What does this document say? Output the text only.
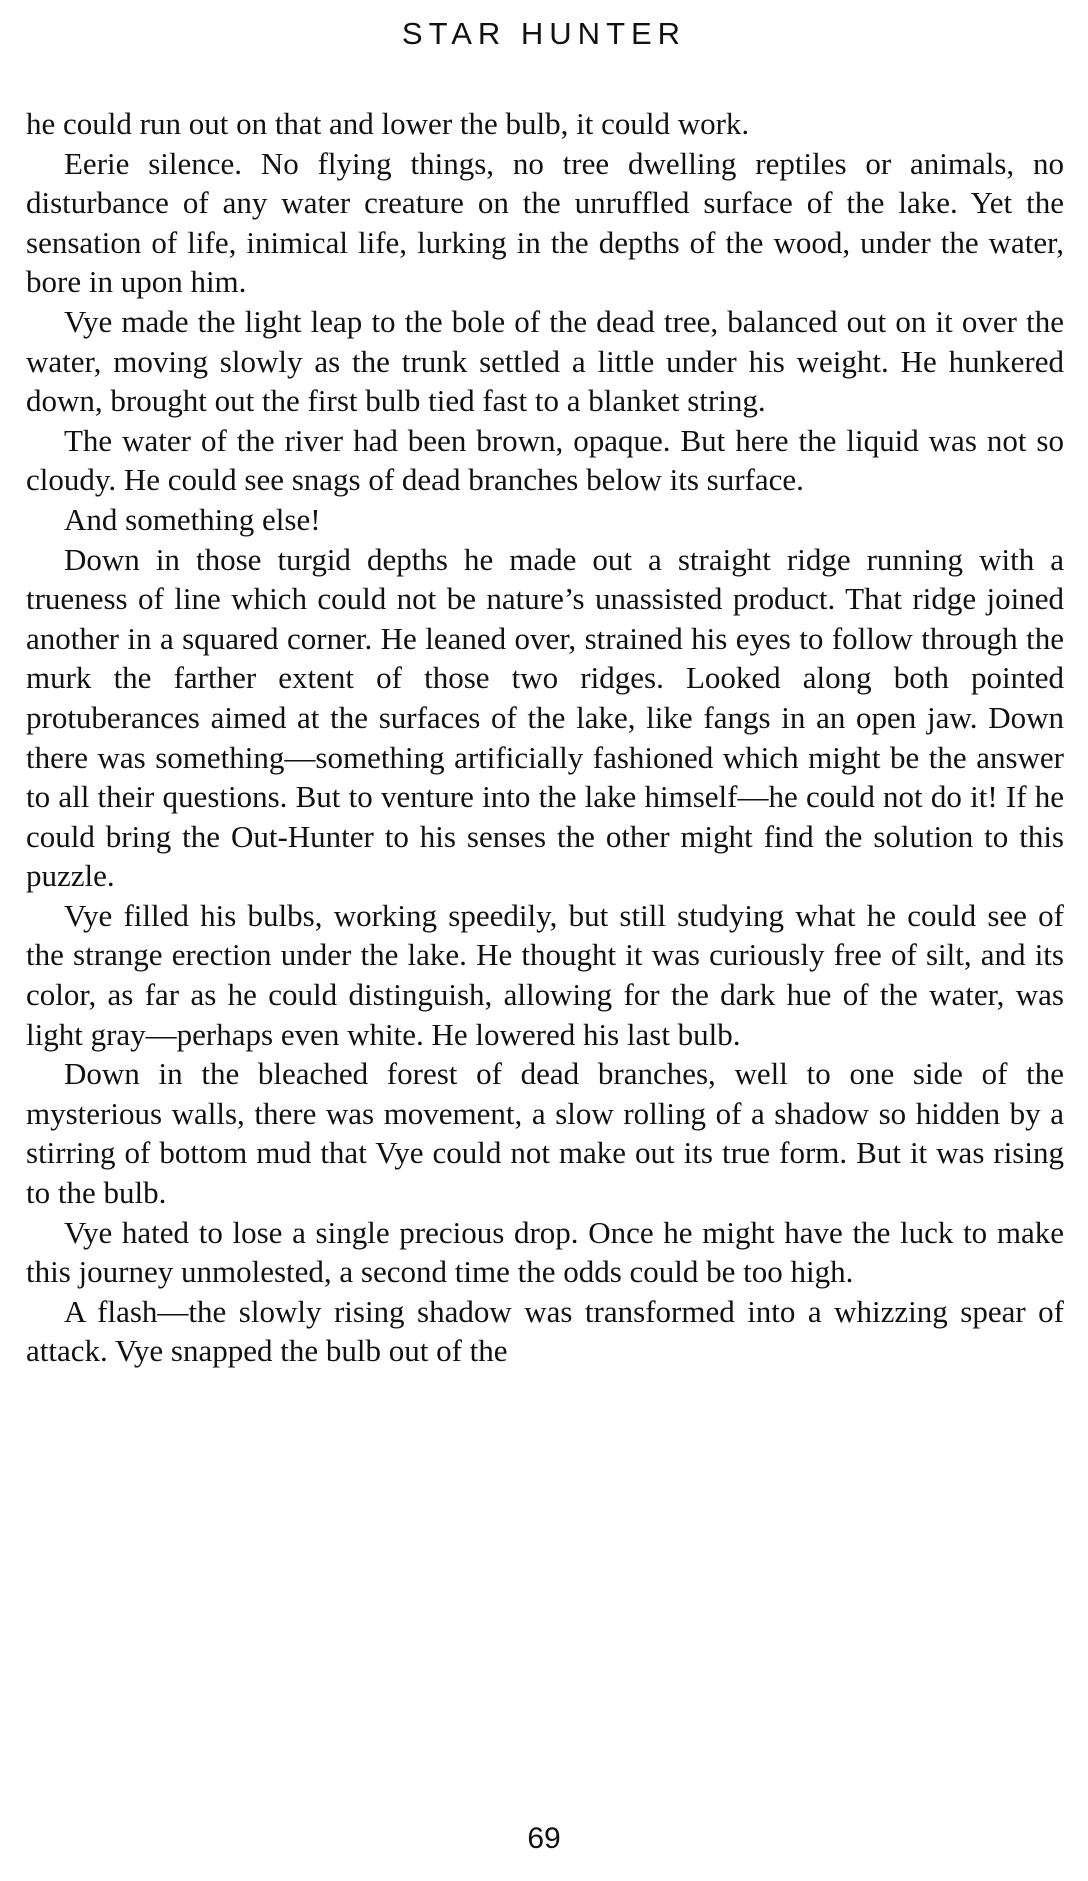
STAR HUNTER

he could run out on that and lower the bulb, it could work.

Eerie silence. No flying things, no tree dwelling reptiles or animals, no disturbance of any water creature on the unruffled surface of the lake. Yet the sensation of life, inimical life, lurking in the depths of the wood, under the water, bore in upon him.

Vye made the light leap to the bole of the dead tree, balanced out on it over the water, moving slowly as the trunk settled a little under his weight. He hunkered down, brought out the first bulb tied fast to a blanket string.

The water of the river had been brown, opaque. But here the liquid was not so cloudy. He could see snags of dead branches below its surface.

And something else!

Down in those turgid depths he made out a straight ridge running with a trueness of line which could not be nature’s unassisted product. That ridge joined another in a squared corner. He leaned over, strained his eyes to follow through the murk the farther extent of those two ridges. Looked along both pointed protuberances aimed at the surfaces of the lake, like fangs in an open jaw. Down there was something—something artificially fashioned which might be the answer to all their questions. But to venture into the lake himself—he could not do it! If he could bring the Out-Hunter to his senses the other might find the solution to this puzzle.

Vye filled his bulbs, working speedily, but still studying what he could see of the strange erection under the lake. He thought it was curiously free of silt, and its color, as far as he could distinguish, allowing for the dark hue of the water, was light gray—perhaps even white. He lowered his last bulb.

Down in the bleached forest of dead branches, well to one side of the mysterious walls, there was movement, a slow rolling of a shadow so hidden by a stirring of bottom mud that Vye could not make out its true form. But it was rising to the bulb.

Vye hated to lose a single precious drop. Once he might have the luck to make this journey unmolested, a second time the odds could be too high.

A flash—the slowly rising shadow was transformed into a whizzing spear of attack. Vye snapped the bulb out of the

69
